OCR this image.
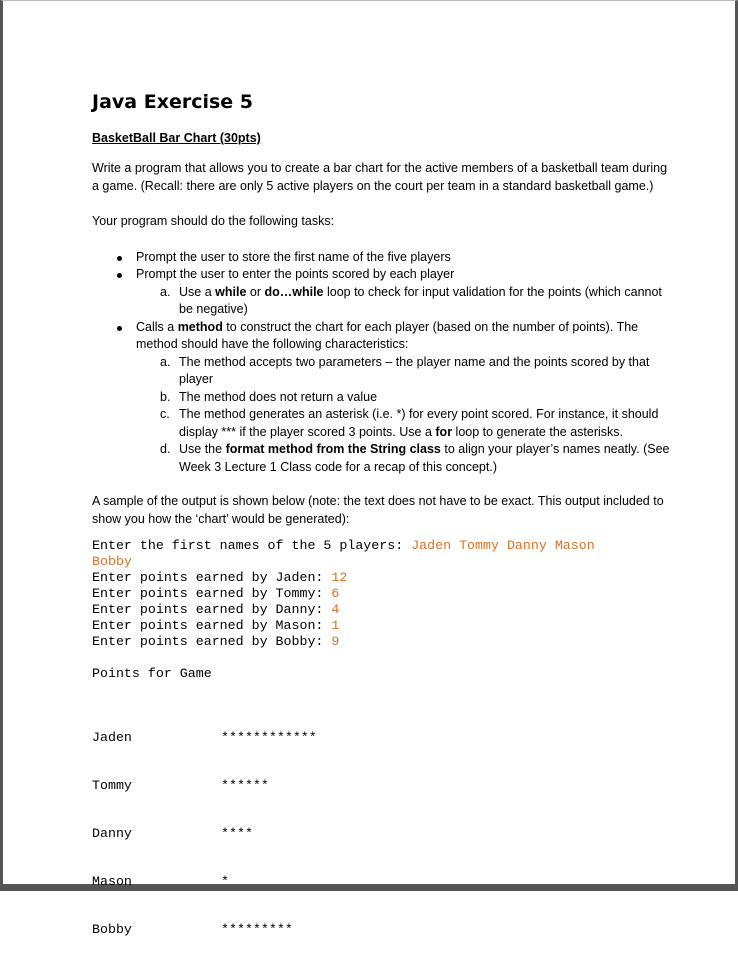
Java Exercise 5
BasketBall Bar Chart (30pts)

Write a program that allows you to create a bar chart for the active members of a basketball team during a game. (Recall: there are only 5 active players on the court per team in a standard basketball game.)

Your program should do the following tasks:

Prompt the user to store the first name of the five players
Prompt the user to enter the points scored by each player
a. Use a while or do…while loop to check for input validation for the points (which cannot be negative)
Calls a method to construct the chart for each player (based on the number of points). The method should have the following characteristics:
a. The method accepts two parameters – the player name and the points scored by that player
b. The method does not return a value
c. The method generates an asterisk (i.e. *) for every point scored. For instance, it should display *** if the player scored 3 points. Use a for loop to generate the asterisks.
d. Use the format method from the String class to align your player’s names neatly. (See Week 3 Lecture 1 Class code for a recap of this concept.)

A sample of the output is shown below (note: the text does not have to be exact. This output included to show you how the ‘chart’ would be generated):

Enter the first names of the 5 players: Jaden Tommy Danny Mason
Bobby
Enter points earned by Jaden: 12
Enter points earned by Tommy: 6
Enter points earned by Danny: 4
Enter points earned by Mason: 1
Enter points earned by Bobby: 9
Points for Game

Jaden	************

Tommy	******

Danny	****

Mason	*

Bobby	*********
